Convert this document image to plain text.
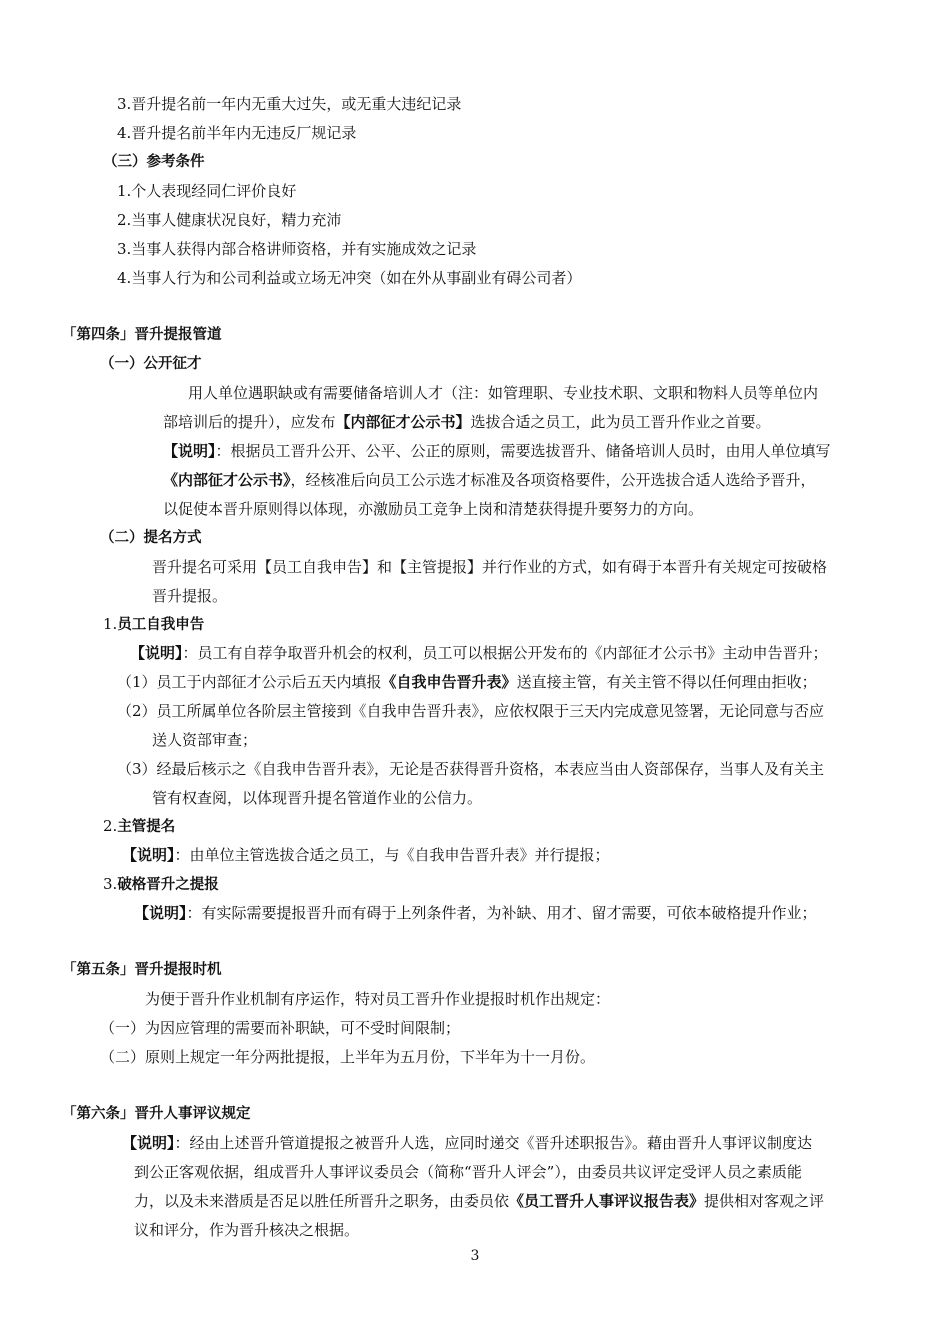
3.晋升提名前一年内无重大过失，或无重大违纪记录
4.晋升提名前半年内无违反厂规记录
（三）参考条件
1.个人表现经同仁评价良好
2.当事人健康状况良好，精力充沛
3.当事人获得内部合格讲师资格，并有实施成效之记录
4.当事人行为和公司利益或立场无冲突（如在外从事副业有碍公司者）
「第四条」晋升提报管道
（一）公开征才
用人单位遇职缺或有需要储备培训人才（注：如管理职、专业技术职、文职和物料人员等单位内
部培训后的提升），应发布【内部征才公示书】选拔合适之员工，此为员工晋升作业之首要。
【说明】：根据员工晋升公开、公平、公正的原则，需要选拔晋升、储备培训人员时，由用人单位填写
《内部征才公示书》，经核准后向员工公示选才标准及各项资格要件，公开选拔合适人选给予晋升，
以促使本晋升原则得以体现，亦激励员工竞争上岗和清楚获得提升要努力的方向。
（二）提名方式
晋升提名可采用【员工自我申告】和【主管提报】并行作业的方式，如有碍于本晋升有关规定可按破格
晋升提报。
1.员工自我申告
【说明】：员工有自荐争取晋升机会的权利，员工可以根据公开发布的《内部征才公示书》主动申告晋升；
（1）员工于内部征才公示后五天内填报《自我申告晋升表》送直接主管，有关主管不得以任何理由拒收；
（2）员工所属单位各阶层主管接到《自我申告晋升表》，应依权限于三天内完成意见签署，无论同意与否应
送人资部审查；
（3）经最后核示之《自我申告晋升表》，无论是否获得晋升资格，本表应当由人资部保存，当事人及有关主
管有权查阅，以体现晋升提名管道作业的公信力。
2.主管提名
【说明】：由单位主管选拔合适之员工，与《自我申告晋升表》并行提报；
3.破格晋升之提报
【说明】：有实际需要提报晋升而有碍于上列条件者，为补缺、用才、留才需要，可依本破格提升作业；
「第五条」晋升提报时机
为便于晋升作业机制有序运作，特对员工晋升作业提报时机作出规定：
（一）为因应管理的需要而补职缺，可不受时间限制；
（二）原则上规定一年分两批提报，上半年为五月份，下半年为十一月份。
「第六条」晋升人事评议规定
【说明】：经由上述晋升管道提报之被晋升人选，应同时递交《晋升述职报告》。藉由晋升人事评议制度达
到公正客观依据，组成晋升人事评议委员会（简称“晋升人评会”），由委员共议评定受评人员之素质能
力，以及未来潜质是否足以胜任所晋升之职务，由委员依《员工晋升人事评议报告表》提供相对客观之评
议和评分，作为晋升核决之根据。
3
